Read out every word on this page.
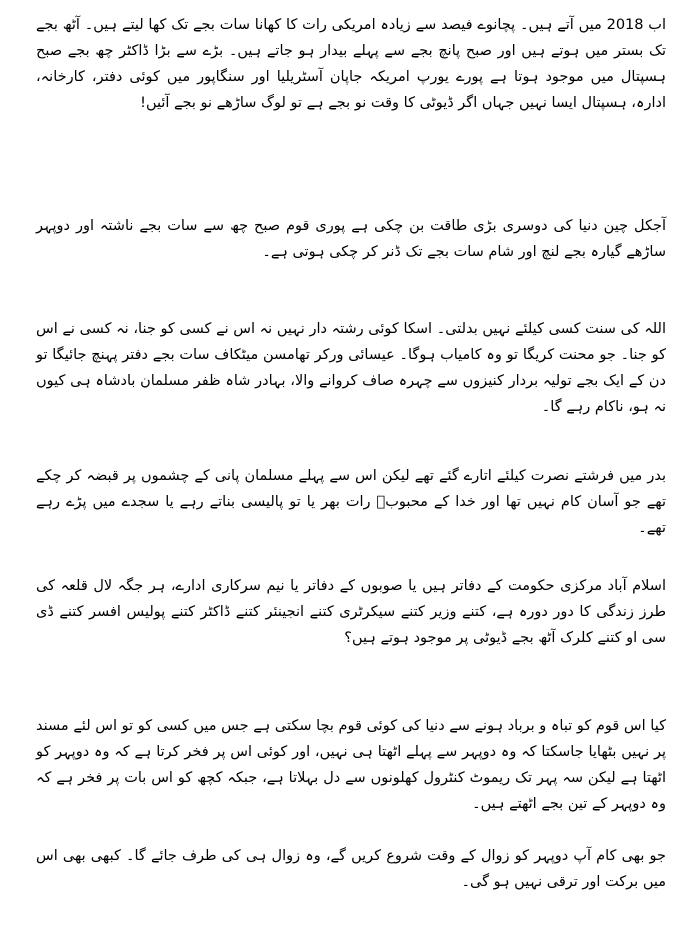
اب 2018 میں آتے ہیں۔ پچانوے فیصد سے زیادہ امریکی رات کا کھانا سات بجے تک کھا لیتے ہیں۔ آٹھ بجے تک بستر میں ہوتے ہیں اور صبح پانچ بجے سے پہلے بیدار ہو جاتے ہیں۔ بڑے سے بڑا ڈاکٹر چھ بجے صبح ہسپتال میں موجود ہوتا ہے پورے یورپ امریکہ جاپان آسٹریلیا اور سنگاپور میں کوئی دفتر، کارخانہ، ادارہ، ہسپتال ایسا نہیں جہاں اگر ڈیوٹی کا وقت نو بجے ہے تو لوگ ساڑھے نو بجے آئیں!

آجکل چین دنیا کی دوسری بڑی طاقت بن چکی ہے پوری قوم صبح چھ سے سات بجے ناشتہ اور دوپہر ساڑھے گیارہ بجے لنچ اور شام سات بجے تک ڈنر کر چکی ہوتی ہے۔

اللہ کی سنت کسی کیلئے نہیں بدلتی۔ اسکا کوئی رشتہ دار نہیں نہ اس نے کسی کو جنا، نہ کسی نے اس کو جنا۔ جو محنت کریگا تو وہ کامیاب ہوگا۔ عیسائی ورکر تھامسن میٹکاف سات بجے دفتر پہنچ جائیگا تو دن کے ایک بجے تولیہ بردار کنیزوں سے چہرہ صاف کروانے والا، بہادر شاہ ظفر مسلمان بادشاہ ہی کیوں نہ ہو، ناکام رہے گا۔

بدر میں فرشتے نصرت کیلئے اتارے گئے تھے لیکن اس سے پہلے مسلمان پانی کے چشموں پر قبضہ کر چکے تھے جو آسان کام نہیں تھا اور خدا کے محبوبؐ رات بھر یا تو پالیسی بناتے رہے یا سجدے میں پڑے رہے تھے۔

اسلام آباد مرکزی حکومت کے دفاتر ہیں یا صوبوں کے دفاتر یا نیم سرکاری ادارے، ہر جگہ لال قلعہ کی طرز زندگی کا دور دورہ ہے، کتنے وزیر کتنے سیکرٹری کتنے انجینئر کتنے ڈاکٹر کتنے پولیس افسر کتنے ڈی سی او کتنے کلرک آٹھ بجے ڈیوٹی پر موجود ہوتے ہیں؟

کیا اس قوم کو تباہ و برباد ہونے سے دنیا کی کوئی قوم بچا سکتی ہے جس میں کسی کو تو اس لئے مسند پر نہیں بٹھایا جاسکتا کہ وہ دوپہر سے پہلے اٹھتا ہی نہیں، اور کوئی اس پر فخر کرتا ہے کہ وہ دوپہر کو اٹھتا ہے لیکن سہ پہر تک ریموٹ کنٹرول کھلونوں سے دل بہلاتا ہے، جبکہ کچھ کو اس بات پر فخر ہے کہ وہ دوپہر کے تین بجے اٹھتے ہیں۔

جو بھی کام آپ دوپہر کو زوال کے وقت شروع کریں گے، وہ زوال ہی کی طرف جائے گا۔ کبھی بھی اس میں برکت اور ترقی نہیں ہو گی۔
